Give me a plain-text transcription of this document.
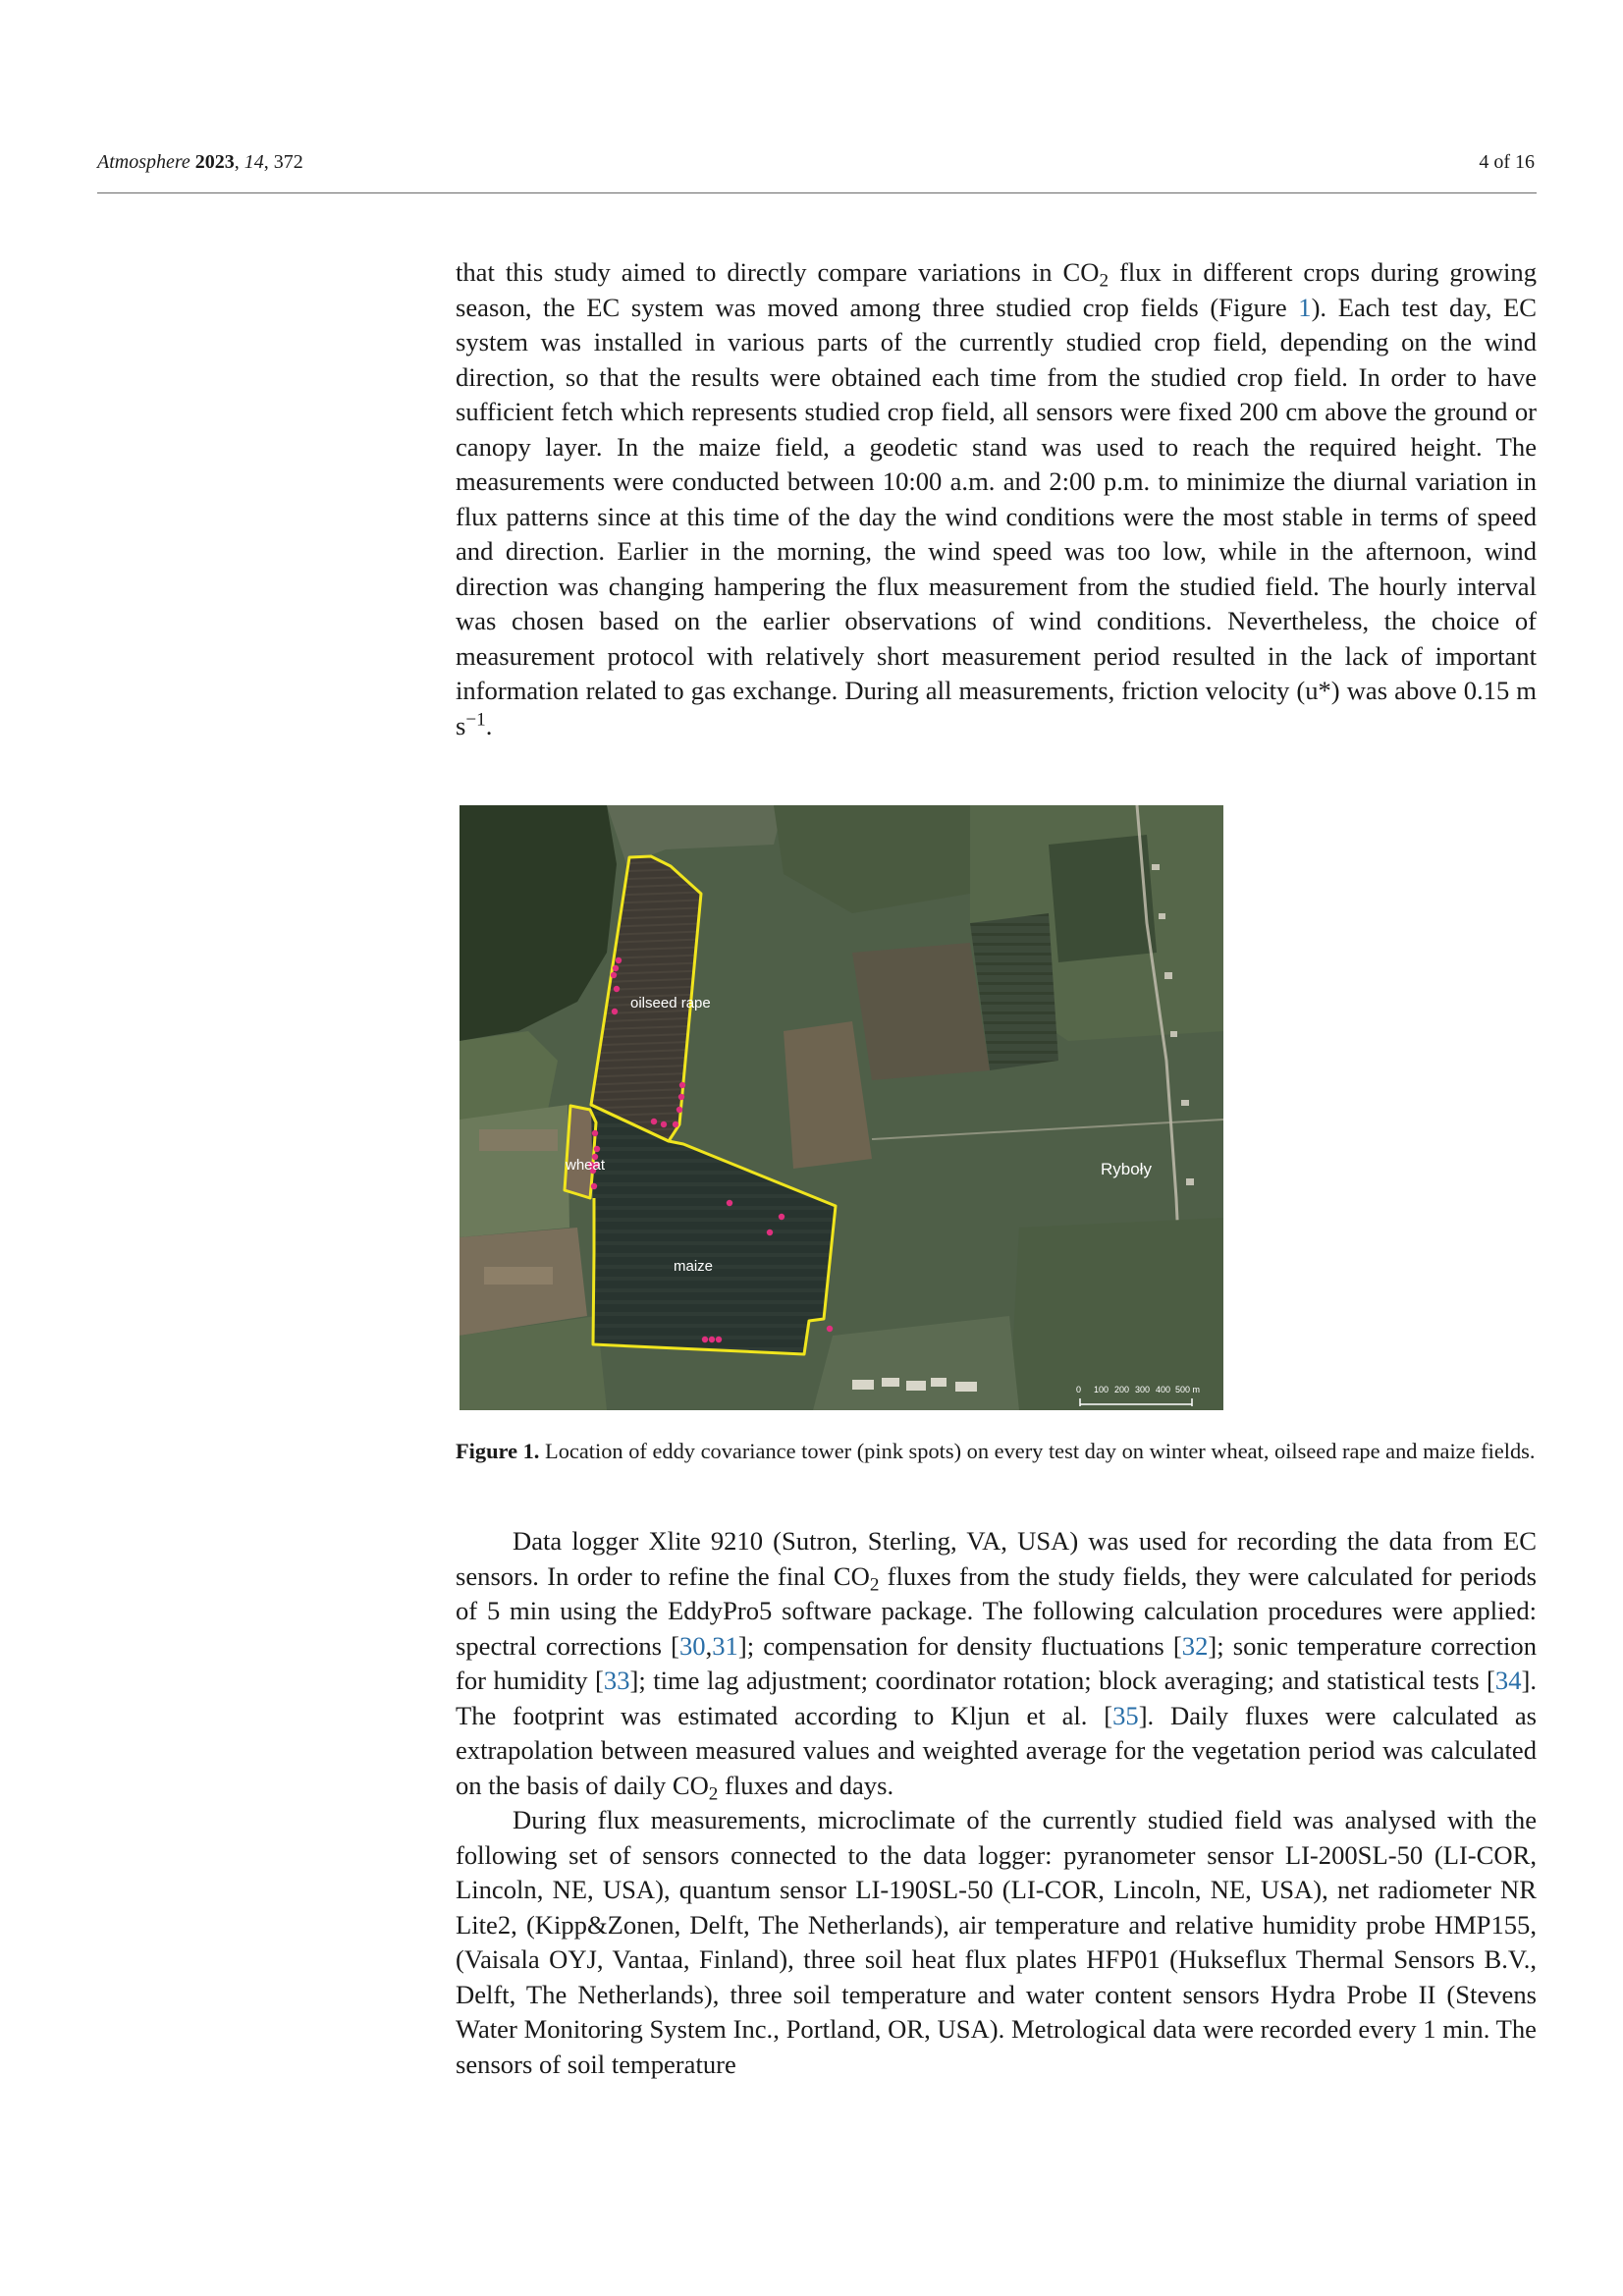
Atmosphere 2023, 14, 372	4 of 16

that this study aimed to directly compare variations in $CO_2$ flux in different crops during growing season, the EC system was moved among three studied crop fields (Figure 1). Each test day, EC system was installed in various parts of the currently studied crop field, depending on the wind direction, so that the results were obtained each time from the studied crop field. In order to have sufficient fetch which represents studied crop field, all sensors were fixed 200 cm above the ground or canopy layer. In the maize field, a geodetic stand was used to reach the required height. The measurements were conducted between 10:00 a.m. and 2:00 p.m. to minimize the diurnal variation in flux patterns since at this time of the day the wind conditions were the most stable in terms of speed and direction. Earlier in the morning, the wind speed was too low, while in the afternoon, wind direction was changing hampering the flux measurement from the studied field. The hourly interval was chosen based on the earlier observations of wind conditions. Nevertheless, the choice of measurement protocol with relatively short measurement period resulted in the lack of important information related to gas exchange. During all measurements, friction velocity (u*) was above 0.15 m $s^{-1}$.

oilseed rape
wheat
maize
Ryboły
0 100 200 300 400 500 m
Figure 1. Location of eddy covariance tower (pink spots) on every test day on winter wheat, oilseed rape and maize fields.

Data logger Xlite 9210 (Sutron, Sterling, VA, USA) was used for recording the data from EC sensors. In order to refine the final $CO_2$ fluxes from the study fields, they were calculated for periods of 5 min using the EddyPro5 software package. The following calculation procedures were applied: spectral corrections [30,31]; compensation for density fluctuations [32]; sonic temperature correction for humidity [33]; time lag adjustment; coordinator rotation; block averaging; and statistical tests [34]. The footprint was estimated according to Kljun et al. [35]. Daily fluxes were calculated as extrapolation between measured values and weighted average for the vegetation period was calculated on the basis of daily $CO_2$ fluxes and days.

During flux measurements, microclimate of the currently studied field was analysed with the following set of sensors connected to the data logger: pyranometer sensor LI-200SL-50 (LI-COR, Lincoln, NE, USA), quantum sensor LI-190SL-50 (LI-COR, Lincoln, NE, USA), net radiometer NR Lite2, (Kipp&Zonen, Delft, The Netherlands), air temperature and relative humidity probe HMP155, (Vaisala OYJ, Vantaa, Finland), three soil heat flux plates HFP01 (Hukseflux Thermal Sensors B.V., Delft, The Netherlands), three soil temperature and water content sensors Hydra Probe II (Stevens Water Monitoring System Inc., Portland, OR, USA). Metrological data were recorded every 1 min. The sensors of soil temperature
